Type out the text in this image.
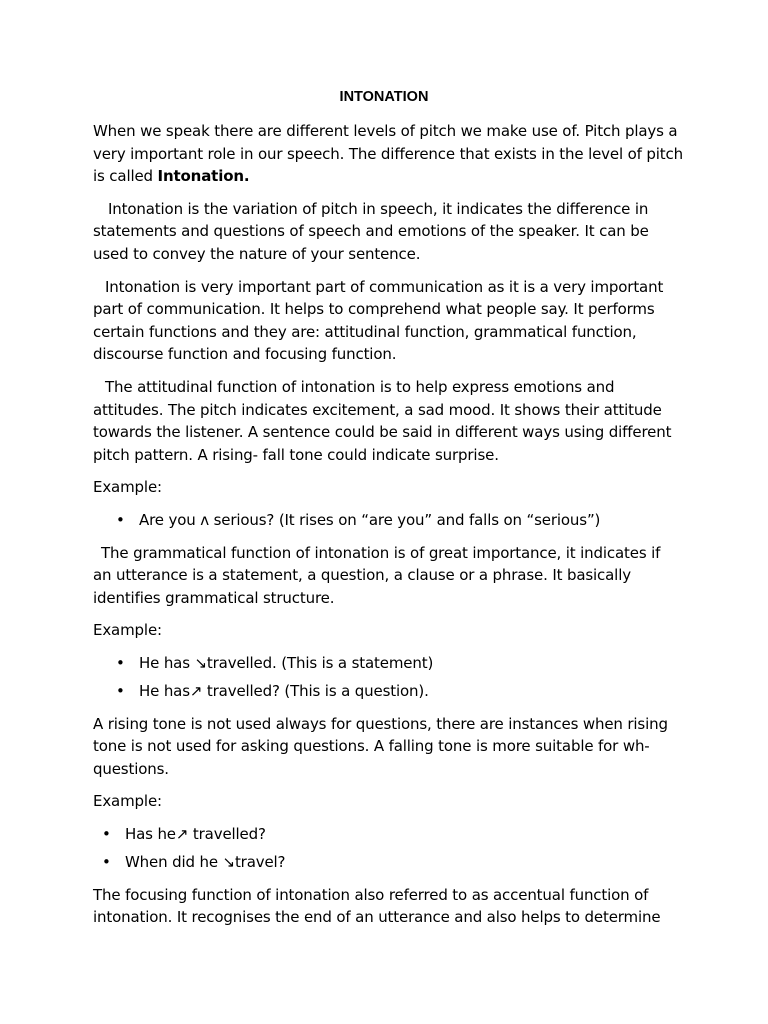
INTONATION

When we speak there are different levels of pitch we make use of. Pitch plays a very important role in our speech. The difference that exists in the level of pitch is called Intonation.

Intonation is the variation of pitch in speech, it indicates the difference in statements and questions of speech and emotions of the speaker. It can be used to convey the nature of your sentence.

Intonation is very important part of communication as it is a very important part of communication. It helps to comprehend what people say. It performs certain functions and they are: attitudinal function, grammatical function, discourse function and focusing function.

The attitudinal function of intonation is to help express emotions and attitudes. The pitch indicates excitement, a sad mood. It shows their attitude towards the listener. A sentence could be said in different ways using different pitch pattern. A rising- fall tone could indicate surprise.

Example:

• Are you ʌ serious? (It rises on “are you” and falls on “serious”)

The grammatical function of intonation is of great importance, it indicates if an utterance is a statement, a question, a clause or a phrase. It basically identifies grammatical structure.

Example:

• He has ↘travelled. (This is a statement)
• He has↗ travelled? (This is a question).

A rising tone is not used always for questions, there are instances when rising tone is not used for asking questions. A falling tone is more suitable for wh-questions.

Example:

• Has he↗ travelled?
• When did he ↘travel?

The focusing function of intonation also referred to as accentual function of intonation. It recognises the end of an utterance and also helps to determine
